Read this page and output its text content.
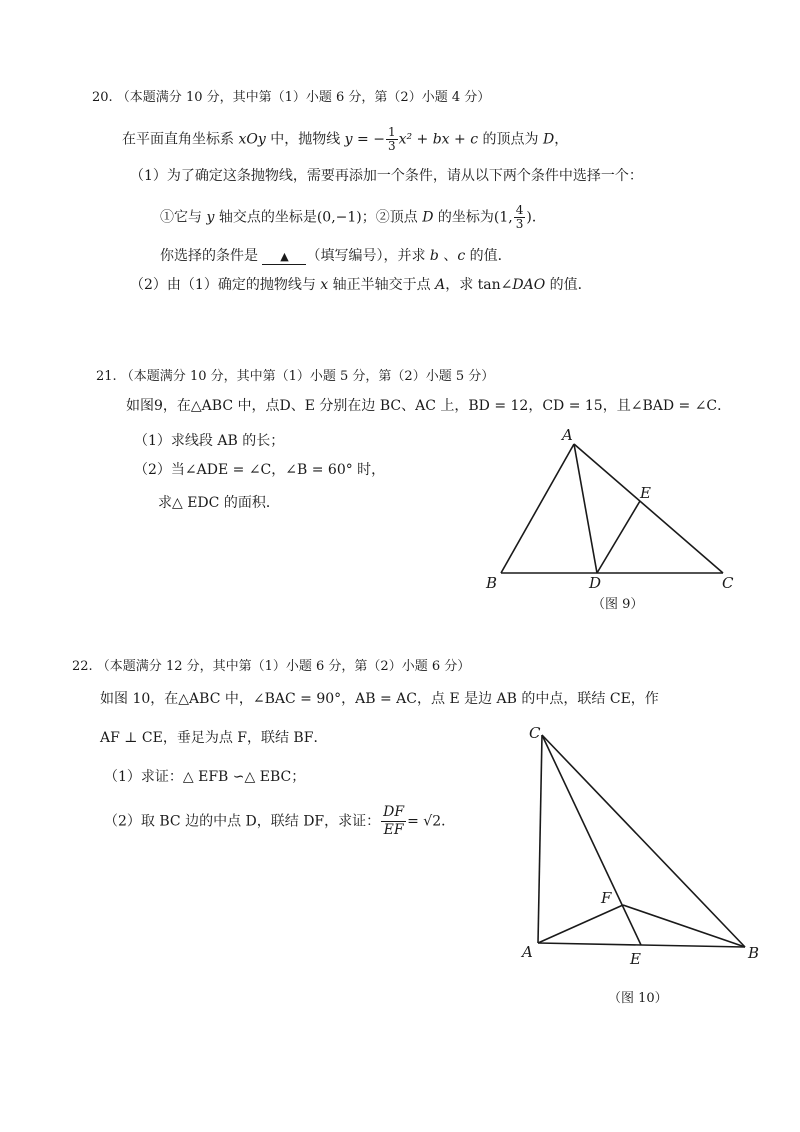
20. （本题满分 10 分，其中第（1）小题 6 分，第（2）小题 4 分）
在平面直角坐标系 xOy 中，抛物线 y = − $\frac{1}{3} x^2$ + bx + c 的顶点为 D，
（1）为了确定这条抛物线，需要再添加一个条件，请从以下两个条件中选择一个：
①它与 y 轴交点的坐标是(0,−1)；②顶点 D 的坐标为(1, $\frac{4}{3}$ )．
你选择的条件是 ▲ （填写编号），并求 b 、c 的值．
（2）由（1）确定的抛物线与 x 轴正半轴交于点 A，求 tan∠DAO 的值．
21. （本题满分 10 分，其中第（1）小题 5 分，第（2）小题 5 分）
如图9，在△ABC 中，点D、E 分别在边 BC、AC 上，BD = 12，CD = 15，且∠BAD = ∠C．
（1）求线段 AB 的长；
（2）当∠ADE = ∠C，∠B = 60° 时，
求△ EDC 的面积．
A
B	C
D
E
（图 9）
22. （本题满分 12 分，其中第（1）小题 6 分，第（2）小题 6 分）
如图 10，在△ABC 中，∠BAC = 90°，AB = AC，点 E 是边 AB 的中点，联结 CE，作
AF ⊥ CE，垂足为点 F，联结 BF．
（1）求证：△ EFB ∽△ EBC；
（2）取 BC 边的中点 D，联结 DF，求证： $\frac{DF}{EF} = √2$．
C
A	B
E
F
（图 10）
